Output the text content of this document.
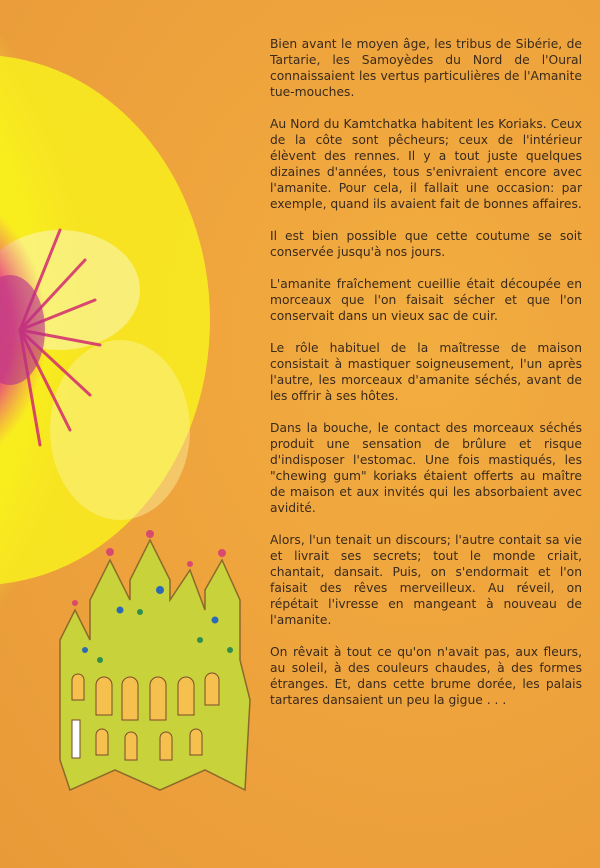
Bien avant le moyen âge, les tribus de Sibérie, de Tartarie, les Samoyèdes du Nord de l'Oural connaissaient les vertus particulières de l'Amanite tue-mouches.

Au Nord du Kamtchatka habitent les Koriaks. Ceux de la côte sont pêcheurs; ceux de l'intérieur élèvent des rennes. Il y a tout juste quelques dizaines d'années, tous s'enivraient encore avec l'amanite. Pour cela, il fallait une occasion: par exemple, quand ils avaient fait de bonnes affaires.

Il est bien possible que cette coutume se soit conservée jusqu'à nos jours.

L'amanite fraîchement cueillie était découpée en morceaux que l'on faisait sécher et que l'on conservait dans un vieux sac de cuir.

Le rôle habituel de la maîtresse de maison consistait à mastiquer soigneusement, l'un après l'autre, les morceaux d'amanite séchés, avant de les offrir à ses hôtes.

Dans la bouche, le contact des morceaux séchés produit une sensation de brûlure et risque d'indisposer l'estomac. Une fois mastiqués, les "chewing gum" koriaks étaient offerts au maître de maison et aux invités qui les absorbaient avec avidité.

Alors, l'un tenait un discours; l'autre contait sa vie et livrait ses secrets; tout le monde criait, chantait, dansait. Puis, on s'endormait et l'on faisait des rêves merveilleux. Au réveil, on répétait l'ivresse en mangeant à nouveau de l'amanite.

On rêvait à tout ce qu'on n'avait pas, aux fleurs, au soleil, à des couleurs chaudes, à des formes étranges. Et, dans cette brume dorée, les palais tartares dansaient un peu la gigue . . .
